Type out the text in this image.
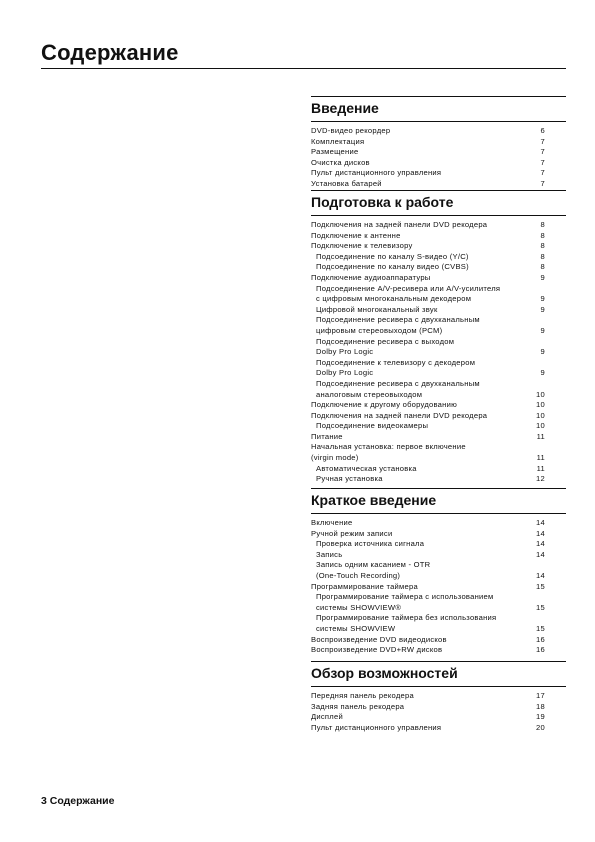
Содержание
Введение
DVD-видео рекордер	6
Комплектация	7
Размещение	7
Очистка дисков	7
Пульт дистанционного управления	7
Установка батарей	7
Подготовка к работе
Подключения на задней панели DVD рекодера	8
Подключение к антенне	8
Подключение к телевизору	8
Подсоединение по каналу S-видео (Y/C)	8
Подсоединение по каналу видео (CVBS)	8
Подключение аудиоаппаратуры	9
Подсоединение A/V-ресивера или A/V-усилителя
с цифровым многоканальным декодером	9
Цифровой многоканальный звук	9
Подсоединение ресивера с двухканальным
цифровым стереовыходом (PCM)	9
Подсоединение ресивера с выходом
Dolby Pro Logic	9
Подсоединение к телевизору с декодером
Dolby Pro Logic	9
Подсоединение ресивера с двухканальным
аналоговым стереовыходом	10
Подключение к другому оборудованию	10
Подключения на задней панели DVD рекодера	10
Подсоединение видеокамеры	10
Питание	11
Начальная установка: первое включение
(virgin mode)	11
Автоматическая установка	11
Ручная установка	12
Краткое введение
Включение	14
Ручной режим записи	14
Проверка источника сигнала	14
Запись	14
Запись одним касанием - OTR
(One-Touch Recording)	14
Программирование таймера	15
Программирование таймера с использованием
системы SHOWVIEW®	15
Программирование таймера без использования
системы SHOWVIEW	15
Воспроизведение DVD видеодисков	16
Воспроизведение DVD+RW дисков	16
Обзор возможностей
Передняя панель рекодера	17
Задняя панель рекодера	18
Дисплей	19
Пульт дистанционного управления	20
3 Содержание
